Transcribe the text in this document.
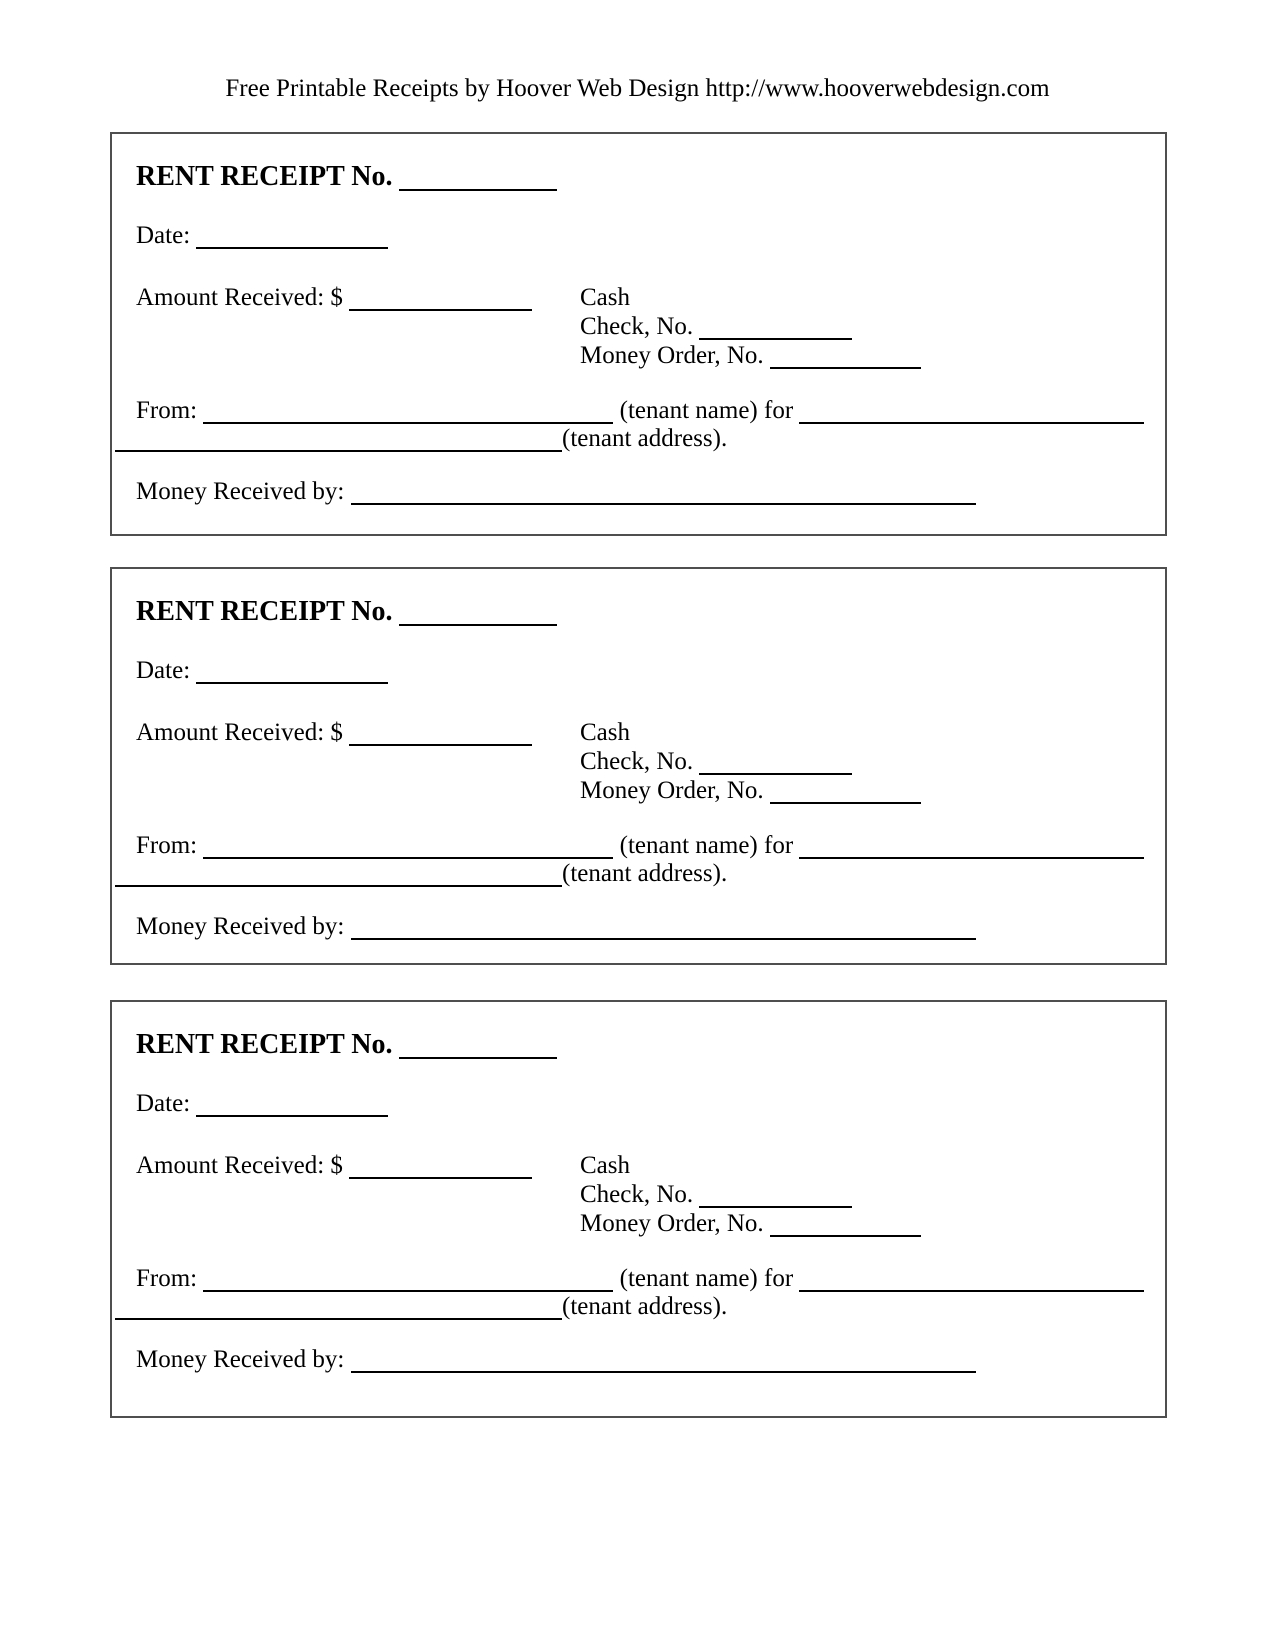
Free Printable Receipts by Hoover Web Design http://www.hooverwebdesign.com
RENT RECEIPT No.
Date:
Amount Received: $	Cash
Check, No.
Money Order, No.
From:	(tenant name) for
(tenant address).
Money Received by:
RENT RECEIPT No.
Date:
Amount Received: $	Cash
Check, No.
Money Order, No.
From:	(tenant name) for
(tenant address).
Money Received by:
RENT RECEIPT No.
Date:
Amount Received: $	Cash
Check, No.
Money Order, No.
From:	(tenant name) for
(tenant address).
Money Received by:
